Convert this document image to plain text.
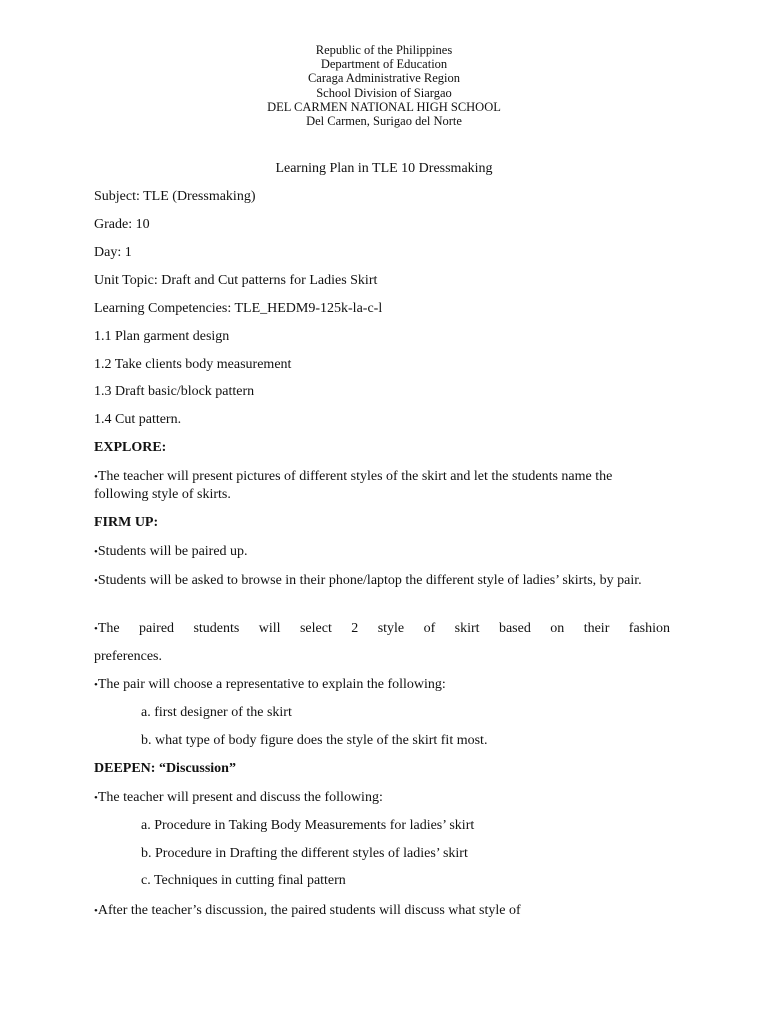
Republic of the Philippines
Department of Education
Caraga Administrative Region
School Division of Siargao
DEL CARMEN NATIONAL HIGH SCHOOL
Del Carmen, Surigao del Norte
Learning Plan in TLE 10 Dressmaking
Subject: TLE (Dressmaking)
Grade: 10
Day: 1
Unit Topic: Draft and Cut patterns for Ladies Skirt
Learning Competencies: TLE_HEDM9-125k-la-c-l
1.1 Plan garment design
1.2 Take clients body measurement
1.3 Draft basic/block pattern
1.4 Cut pattern.
EXPLORE:
•The teacher will present pictures of different styles of the skirt and let the students name the following style of skirts.
FIRM UP:
•Students will be paired up.
•Students will be asked to browse in their phone/laptop the different style of ladies’ skirts, by pair.
•The paired students will select 2 style of skirt based on their fashion
preferences.
•The pair will choose a representative to explain the following:
a. first designer of the skirt
b. what type of body figure does the style of the skirt fit most.
DEEPEN: “Discussion”
•The teacher will present and discuss the following:
a. Procedure in Taking Body Measurements for ladies’ skirt
b. Procedure in Drafting the different styles of ladies’ skirt
c. Techniques in cutting final pattern
•After the teacher’s discussion, the paired students will discuss what style of
